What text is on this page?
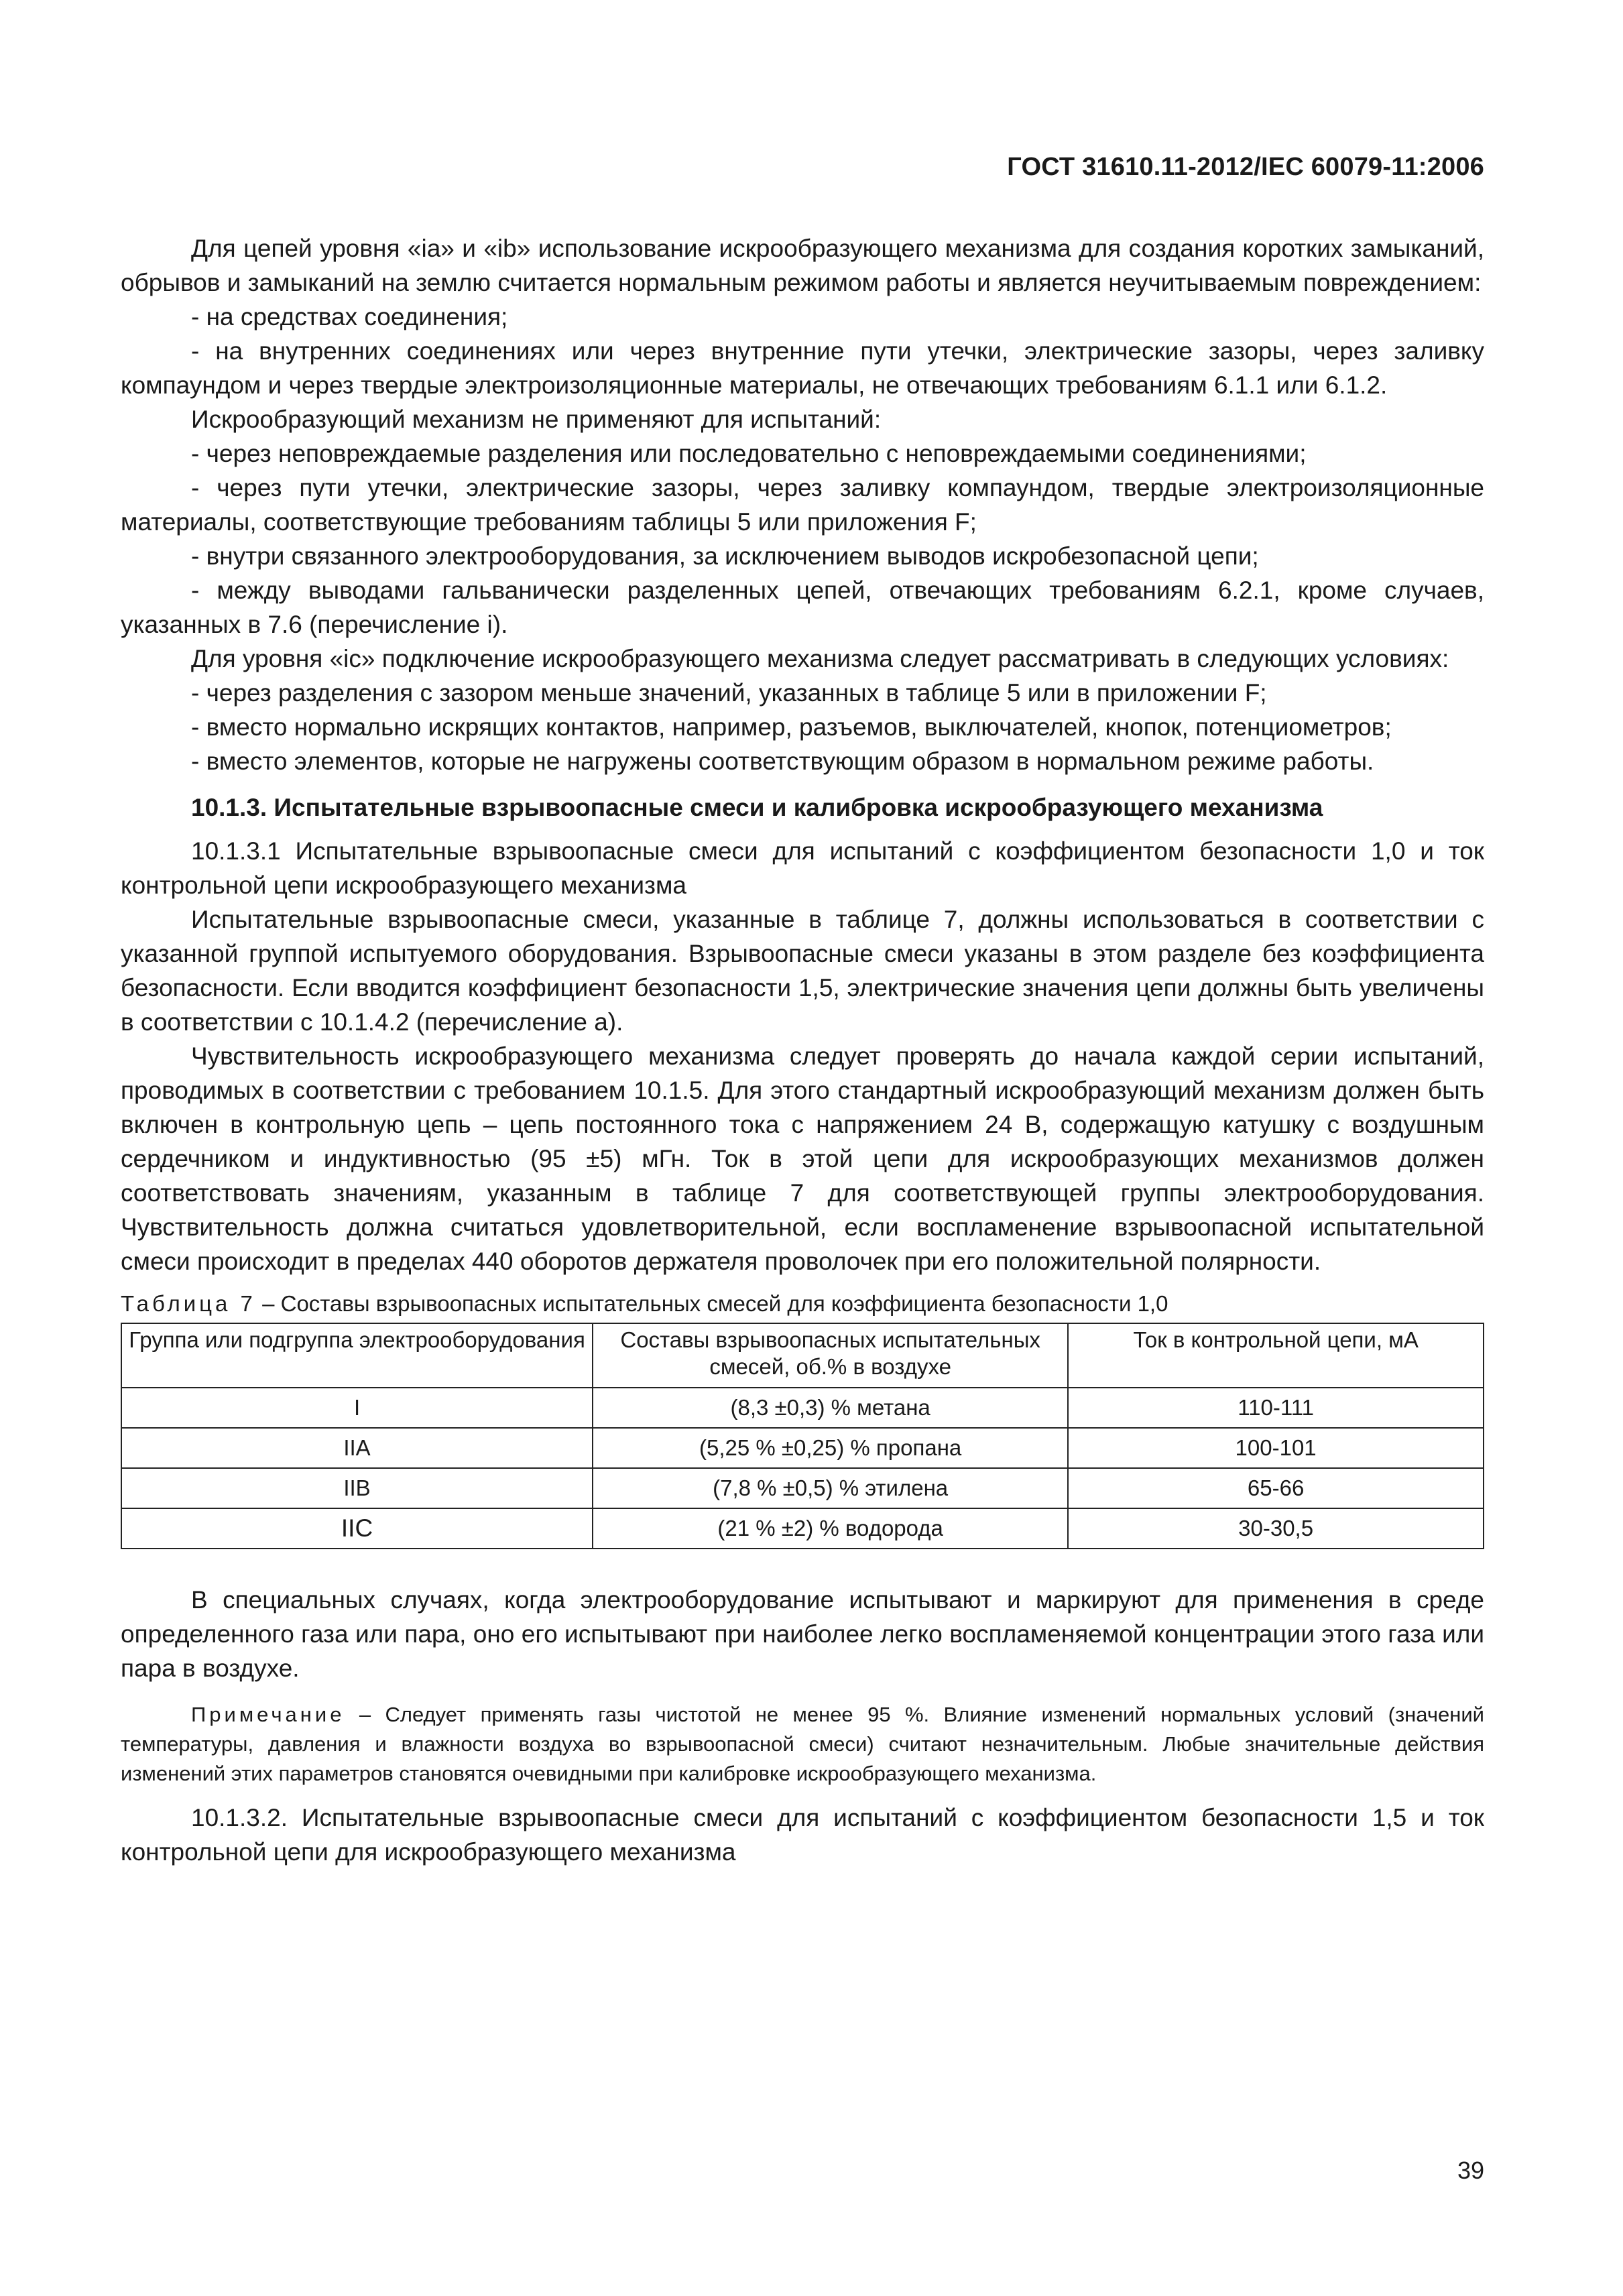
ГОСТ 31610.11-2012/IEC 60079-11:2006

Для цепей уровня «ia» и «ib» использование искрообразующего механизма для создания коротких замыканий, обрывов и замыканий на землю считается нормальным режимом работы и является неучитываемым повреждением:

- на средствах соединения;

- на внутренних соединениях или через внутренние пути утечки, электрические зазоры, через заливку компаундом и через твердые электроизоляционные материалы, не отвечающих требованиям 6.1.1 или 6.1.2.

Искрообразующий механизм не применяют для испытаний:

- через неповреждаемые разделения или последовательно с неповреждаемыми соединениями;

- через пути утечки, электрические зазоры, через заливку компаундом, твердые электроизоляционные материалы, соответствующие требованиям таблицы 5 или приложения F;

- внутри связанного электрооборудования, за исключением выводов искробезопасной цепи;

- между выводами гальванически разделенных цепей, отвечающих требованиям 6.2.1, кроме случаев, указанных в 7.6 (перечисление i).

Для уровня «ic» подключение искрообразующего механизма следует рассматривать в следующих условиях:

- через разделения с зазором меньше значений, указанных в таблице 5 или в приложении F;

- вместо нормально искрящих контактов, например, разъемов, выключателей, кнопок, потенциометров;

- вместо элементов, которые не нагружены соответствующим образом в нормальном режиме работы.

10.1.3. Испытательные взрывоопасные смеси и калибровка искрообразующего механизма

10.1.3.1 Испытательные взрывоопасные смеси для испытаний с коэффициентом безопасности 1,0 и ток контрольной цепи искрообразующего механизма

Испытательные взрывоопасные смеси, указанные в таблице 7, должны использоваться в соответствии с указанной группой испытуемого оборудования. Взрывоопасные смеси указаны в этом разделе без коэффициента безопасности. Если вводится коэффициент безопасности 1,5, электрические значения цепи должны быть увеличены в соответствии с 10.1.4.2 (перечисление а).

Чувствительность искрообразующего механизма следует проверять до начала каждой серии испытаний, проводимых в соответствии с требованием 10.1.5. Для этого стандартный искрообразующий механизм должен быть включен в контрольную цепь – цепь постоянного тока с напряжением 24 В, содержащую катушку с воздушным сердечником и индуктивностью (95 ±5) мГн. Ток в этой цепи для искрообразующих механизмов должен соответствовать значениям, указанным в таблице 7 для соответствующей группы электрооборудования. Чувствительность должна считаться удовлетворительной, если воспламенение взрывоопасной испытательной смеси происходит в пределах 440 оборотов держателя проволочек при его положительной полярности.

Таблица 7 – Составы взрывоопасных испытательных смесей для коэффициента безопасности 1,0

Группа или подгруппа электрооборудования	Составы взрывоопасных испытательных смесей, об.% в воздухе	Ток в контрольной цепи, мА
I	(8,3 ±0,3) % метана	110-111
IIA	(5,25 % ±0,25) % пропана	100-101
IIB	(7,8 % ±0,5) % этилена	65-66
IIC	(21 % ±2) % водорода	30-30,5

В специальных случаях, когда электрооборудование испытывают и маркируют для применения в среде определенного газа или пара, оно его испытывают при наиболее легко воспламеняемой концентрации этого газа или пара в воздухе.

Примечание – Следует применять газы чистотой не менее 95 %. Влияние изменений нормальных условий (значений температуры, давления и влажности воздуха во взрывоопасной смеси) считают незначительным. Любые значительные действия изменений этих параметров становятся очевидными при калибровке искрообразующего механизма.

10.1.3.2. Испытательные взрывоопасные смеси для испытаний с коэффициентом безопасности 1,5 и ток контрольной цепи для искрообразующего механизма

39
